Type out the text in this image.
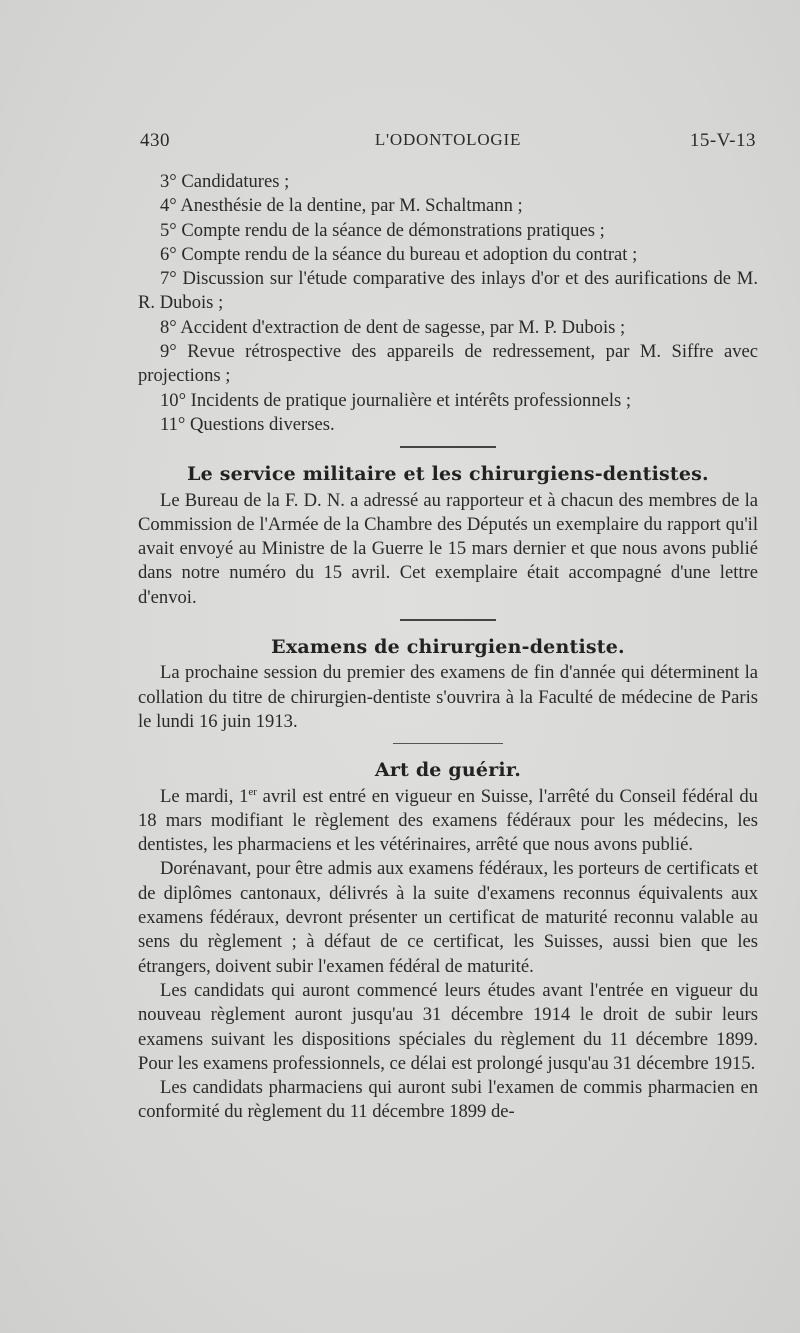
430	L'ODONTOLOGIE	15-V-13

3° Candidatures ;

4° Anesthésie de la dentine, par M. Schaltmann ;

5° Compte rendu de la séance de démonstrations pratiques ;

6° Compte rendu de la séance du bureau et adoption du contrat ;

7° Discussion sur l'étude comparative des inlays d'or et des aurifications de M. R. Dubois ;

8° Accident d'extraction de dent de sagesse, par M. P. Dubois ;

9° Revue rétrospective des appareils de redressement, par M. Siffre avec projections ;

10° Incidents de pratique journalière et intérêts professionnels ;

11° Questions diverses.

Le service militaire et les chirurgiens-dentistes.

Le Bureau de la F. D. N. a adressé au rapporteur et à chacun des membres de la Commission de l'Armée de la Chambre des Députés un exemplaire du rapport qu'il avait envoyé au Ministre de la Guerre le 15 mars dernier et que nous avons publié dans notre numéro du 15 avril. Cet exemplaire était accompagné d'une lettre d'envoi.

Examens de chirurgien-dentiste.

La prochaine session du premier des examens de fin d'année qui déterminent la collation du titre de chirurgien-dentiste s'ouvrira à la Faculté de médecine de Paris le lundi 16 juin 1913.

Art de guérir.

Le mardi, 1er avril est entré en vigueur en Suisse, l'arrêté du Conseil fédéral du 18 mars modifiant le règlement des examens fédéraux pour les médecins, les dentistes, les pharmaciens et les vétérinaires, arrêté que nous avons publié.

Dorénavant, pour être admis aux examens fédéraux, les porteurs de certificats et de diplômes cantonaux, délivrés à la suite d'examens reconnus équivalents aux examens fédéraux, devront présenter un certificat de maturité reconnu valable au sens du règlement ; à défaut de ce certificat, les Suisses, aussi bien que les étrangers, doivent subir l'examen fédéral de maturité.

Les candidats qui auront commencé leurs études avant l'entrée en vigueur du nouveau règlement auront jusqu'au 31 décembre 1914 le droit de subir leurs examens suivant les dispositions spéciales du règlement du 11 décembre 1899. Pour les examens professionnels, ce délai est prolongé jusqu'au 31 décembre 1915.

Les candidats pharmaciens qui auront subi l'examen de commis pharmacien en conformité du règlement du 11 décembre 1899 de-
